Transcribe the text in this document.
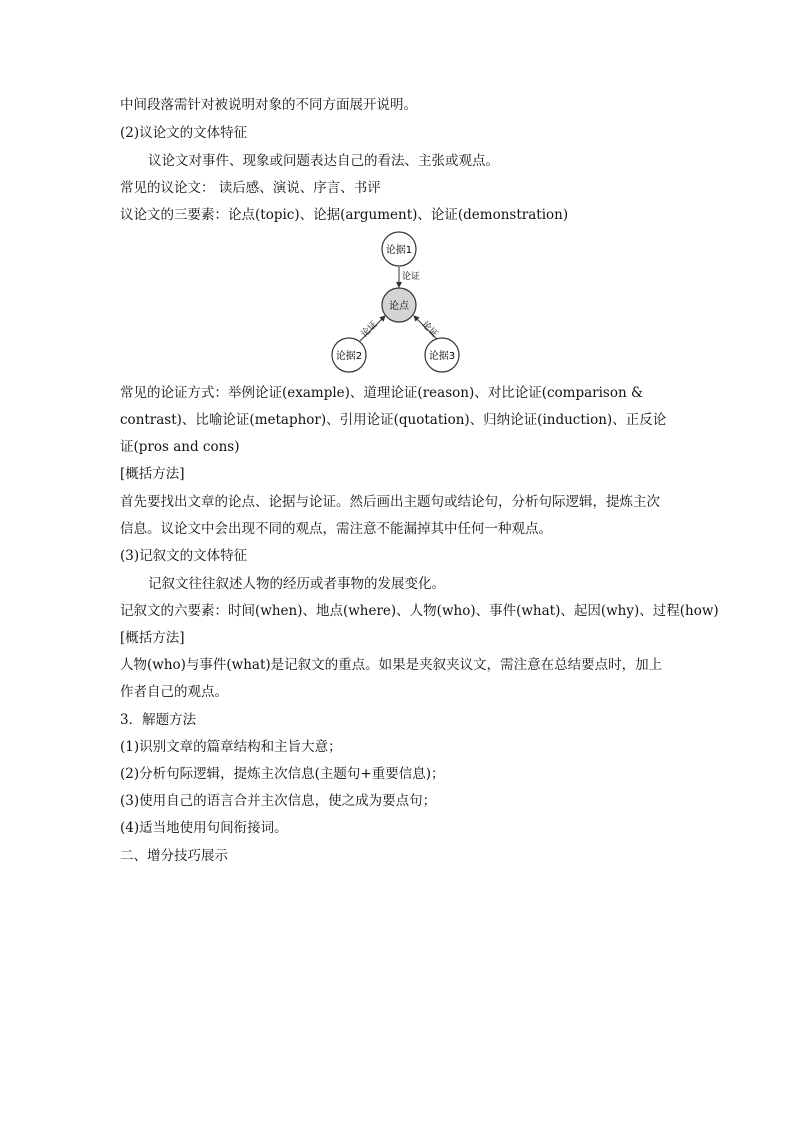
中间段落需针对被说明对象的不同方面展开说明。
(2)议论文的文体特征
议论文对事件、现象或问题表达自己的看法、主张或观点。
常见的议论文： 读后感、演说、序言、书评
议论文的三要素：论点(topic)、论据(argument)、论证(demonstration)
论据1
论点
论据2	论据3
论证
论证	论证
常见的论证方式：举例论证(example)、道理论证(reason)、对比论证(comparison &
contrast)、比喻论证(metaphor)、引用论证(quotation)、归纳论证(induction)、正反论
证(pros and cons)
[概括方法]
首先要找出文章的论点、论据与论证。然后画出主题句或结论句，分析句际逻辑，提炼主次
信息。议论文中会出现不同的观点，需注意不能漏掉其中任何一种观点。
(3)记叙文的文体特征
记叙文往往叙述人物的经历或者事物的发展变化。
记叙文的六要素：时间(when)、地点(where)、人物(who)、事件(what)、起因(why)、过程(how)
[概括方法]
人物(who)与事件(what)是记叙文的重点。如果是夹叙夹议文，需注意在总结要点时，加上
作者自己的观点。
3．解题方法
(1)识别文章的篇章结构和主旨大意；
(2)分析句际逻辑，提炼主次信息(主题句+重要信息)；
(3)使用自己的语言合并主次信息，使之成为要点句；
(4)适当地使用句间衔接词。
二、增分技巧展示
